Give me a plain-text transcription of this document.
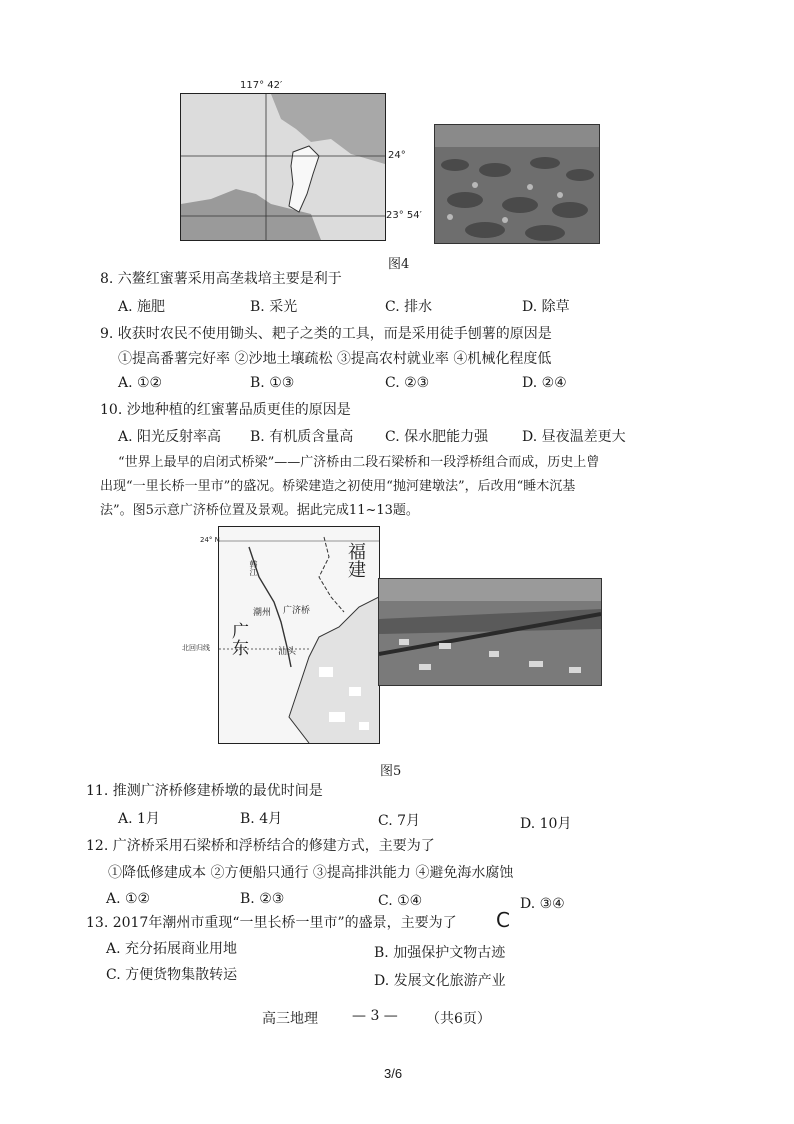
117° 42′
24°
23° 54′
图4
8. 六鳌红蜜薯采用高垄栽培主要是利于
A. 施肥	B. 采光	C. 排水	D. 除草
9. 收获时农民不使用锄头、耙子之类的工具，而是采用徒手刨薯的原因是
①提高番薯完好率 ②沙地土壤疏松 ③提高农村就业率 ④机械化程度低
A. ①②	B. ①③	C. ②③	D. ②④
10. 沙地种植的红蜜薯品质更佳的原因是
A. 阳光反射率高 B. 有机质含量高 C. 保水肥能力强 D. 昼夜温差更大
“世界上最早的启闭式桥梁”——广济桥由二段石梁桥和一段浮桥组合而成，历史上曾
出现“一里长桥一里市”的盛况。桥梁建造之初使用“抛河建墩法”，后改用“睡木沉基
法”。图5示意广济桥位置及景观。据此完成11~13题。
24° N
福建
韩江
潮州 广济桥
广东	汕头
北回归线
图5
11. 推测广济桥修建桥墩的最优时间是
A. 1月	B. 4月	C. 7月	D. 10月
12. 广济桥采用石梁桥和浮桥结合的修建方式，主要为了
①降低修建成本 ②方便船只通行 ③提高排洪能力 ④避免海水腐蚀
A. ①②	B. ②③	C. ①④	D. ③④
13. 2017年潮州市重现“一里长桥一里市”的盛景，主要为了 C
A. 充分拓展商业用地	B. 加强保护文物古迹
C. 方便货物集散转运	D. 发展文化旅游产业
高三地理 — 3 — （共6页）
3/6
